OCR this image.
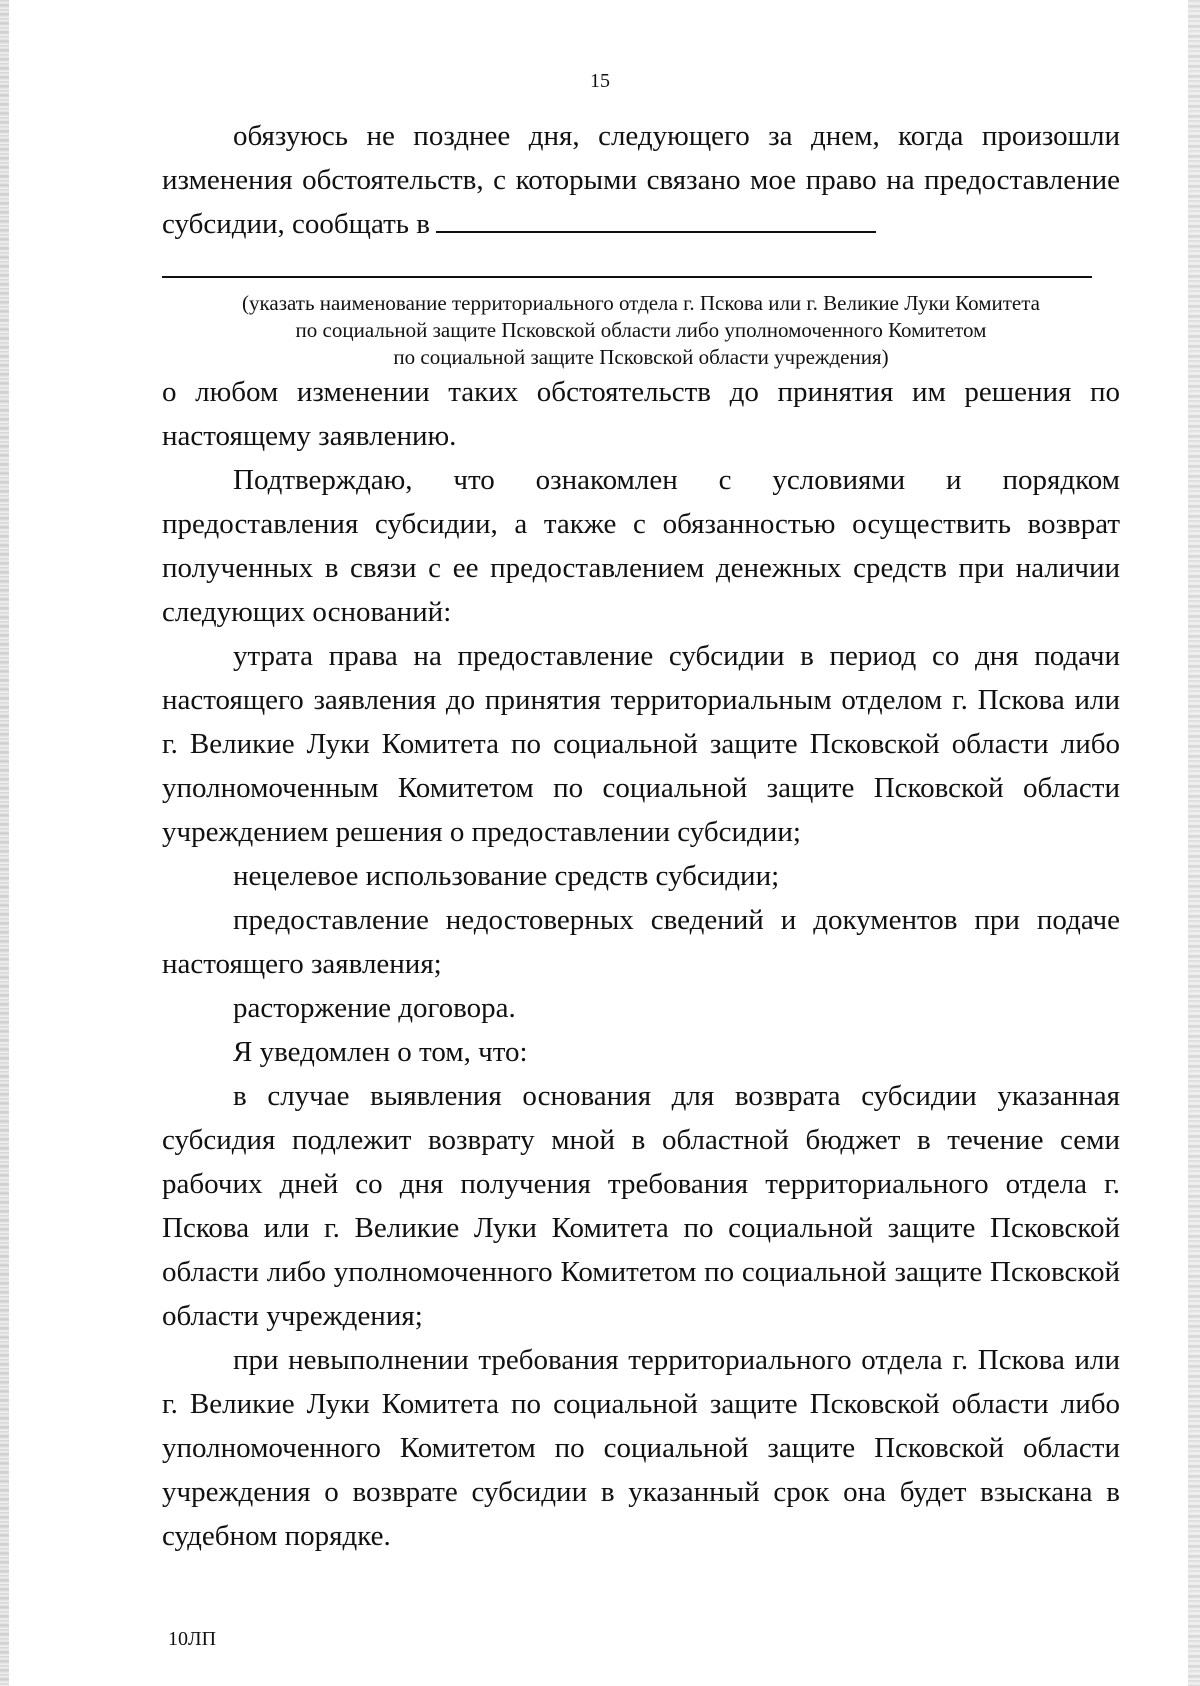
15

обязуюсь не позднее дня, следующего за днем, когда произошли изменения обстоятельств, с которыми связано мое право на предоставление субсидии, сообщать в

(указать наименование территориального отдела г. Пскова или г. Великие Луки Комитета
по социальной защите Псковской области либо уполномоченного Комитетом
по социальной защите Псковской области учреждения)

о любом изменении таких обстоятельств до принятия им решения по настоящему заявлению.

Подтверждаю, что ознакомлен с условиями и порядком предоставления субсидии, а также с обязанностью осуществить возврат полученных в связи с ее предоставлением денежных средств при наличии следующих оснований:

утрата права на предоставление субсидии в период со дня подачи настоящего заявления до принятия территориальным отделом г. Пскова или г. Великие Луки Комитета по социальной защите Псковской области либо уполномоченным Комитетом по социальной защите Псковской области учреждением решения о предоставлении субсидии;

нецелевое использование средств субсидии;

предоставление недостоверных сведений и документов при подаче настоящего заявления;

расторжение договора.

Я уведомлен о том, что:

в случае выявления основания для возврата субсидии указанная субсидия подлежит возврату мной в областной бюджет в течение семи рабочих дней со дня получения требования территориального отдела г. Пскова или г. Великие Луки Комитета по социальной защите Псковской области либо уполномоченного Комитетом по социальной защите Псковской области учреждения;

при невыполнении требования территориального отдела г. Пскова или г. Великие Луки Комитета по социальной защите Псковской области либо уполномоченного Комитетом по социальной защите Псковской области учреждения о возврате субсидии в указанный срок она будет взыскана в судебном порядке.

10ЛП
